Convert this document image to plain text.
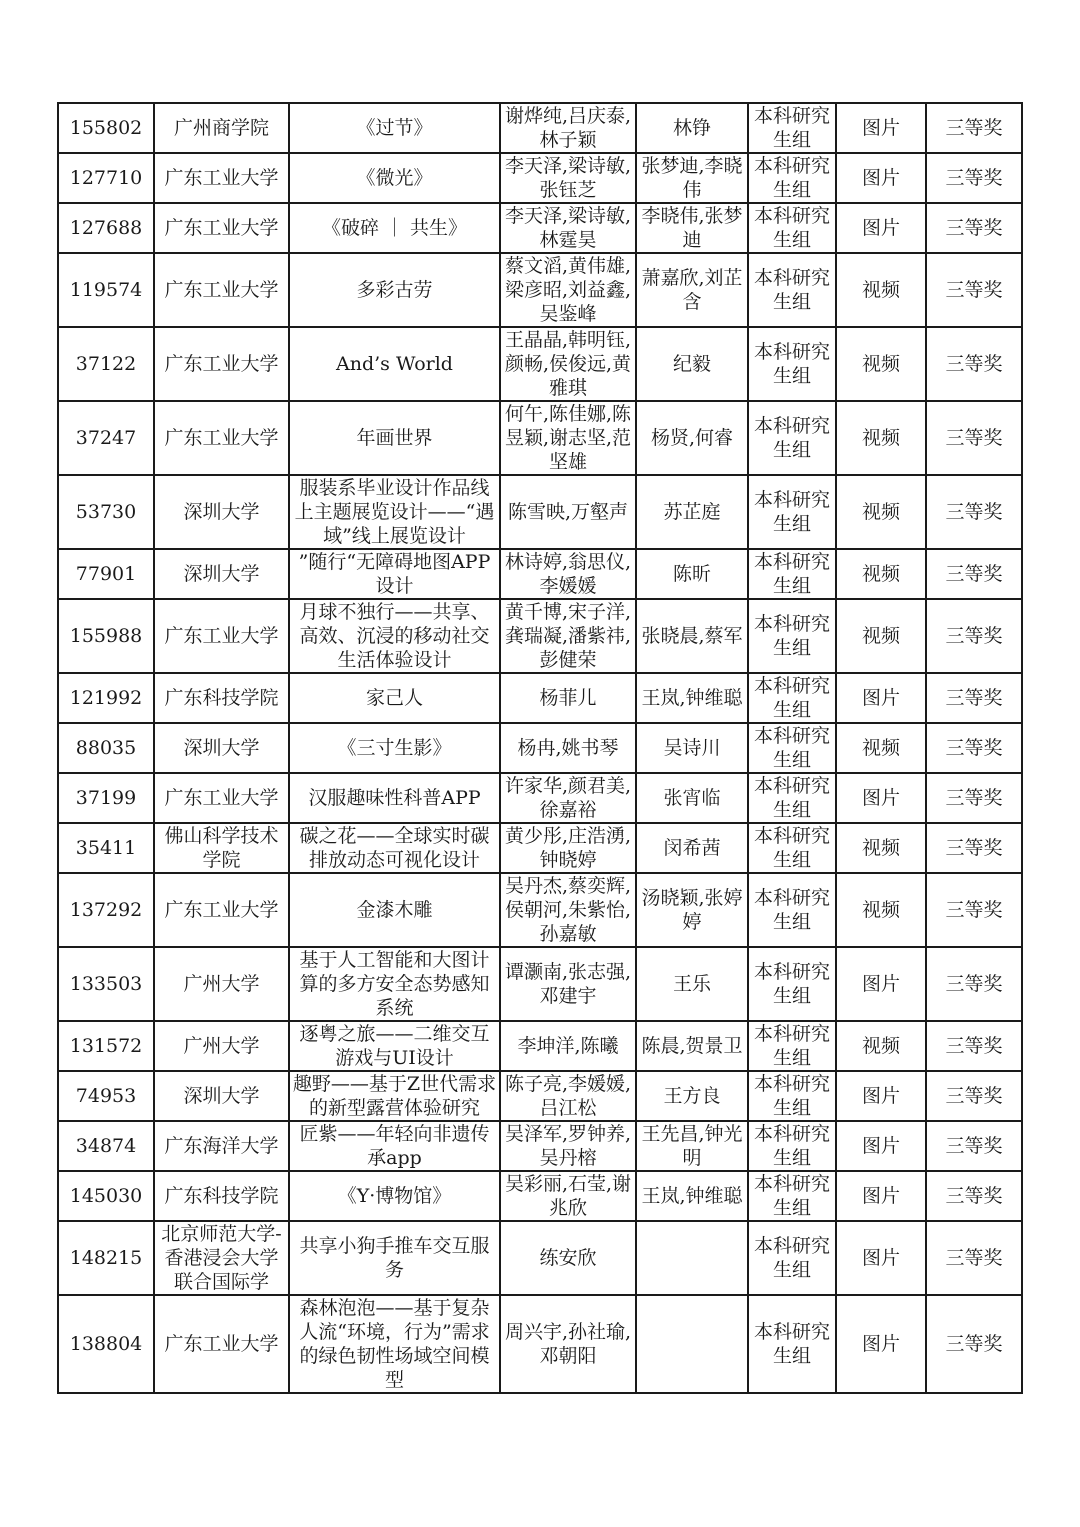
155802	广州商学院	《过节》	谢烨纯,吕庆泰,林子颖	林铮	本科研究生组	图片	三等奖
127710	广东工业大学	《微光》	李天泽,梁诗敏,张钰芝	张梦迪,李晓伟	本科研究生组	图片	三等奖
127688	广东工业大学	《破碎 ｜ 共生》	李天泽,梁诗敏,林霆昊	李晓伟,张梦迪	本科研究生组	图片	三等奖
119574	广东工业大学	多彩古劳	蔡文滔,黄伟雄,梁彦昭,刘益鑫,吴鉴峰	萧嘉欣,刘芷含	本科研究生组	视频	三等奖
37122	广东工业大学	And’s World	王晶晶,韩明钰,颜畅,侯俊远,黄雅琪	纪毅	本科研究生组	视频	三等奖
37247	广东工业大学	年画世界	何午,陈佳娜,陈昱颖,谢志坚,范坚雄	杨贤,何睿	本科研究生组	视频	三等奖
53730	深圳大学	服装系毕业设计作品线上主题展览设计——“遇域”线上展览设计	陈雪映,万壑声	苏芷庭	本科研究生组	视频	三等奖
77901	深圳大学	”随行“无障碍地图APP设计	林诗婷,翁思仪,李媛媛	陈昕	本科研究生组	视频	三等奖
155988	广东工业大学	月球不独行——共享、高效、沉浸的移动社交生活体验设计	黄千博,宋子洋,龚瑞凝,潘紫祎,彭健荣	张晓晨,蔡军	本科研究生组	视频	三等奖
121992	广东科技学院	家己人	杨菲儿	王岚,钟维聪	本科研究生组	图片	三等奖
88035	深圳大学	《三寸生影》	杨冉,姚书琴	吴诗川	本科研究生组	视频	三等奖
37199	广东工业大学	汉服趣味性科普APP	许家华,颜君美,徐嘉裕	张宵临	本科研究生组	图片	三等奖
35411	佛山科学技术学院	碳之花——全球实时碳排放动态可视化设计	黄少彤,庄浩湧,钟晓婷	闵希茜	本科研究生组	视频	三等奖
137292	广东工业大学	金漆木雕	吴丹杰,蔡奕辉,侯朝河,朱紫怡,孙嘉敏	汤晓颖,张婷婷	本科研究生组	视频	三等奖
133503	广州大学	基于人工智能和大图计算的多方安全态势感知系统	谭灏南,张志强,邓建宇	王乐	本科研究生组	图片	三等奖
131572	广州大学	逐粤之旅——二维交互游戏与UI设计	李坤洋,陈曦	陈晨,贺景卫	本科研究生组	视频	三等奖
74953	深圳大学	趣野——基于Z世代需求的新型露营体验研究	陈子亮,李媛媛,吕江松	王方良	本科研究生组	图片	三等奖
34874	广东海洋大学	匠紫——年轻向非遗传承app	吴泽军,罗钟养,吴丹榕	王先昌,钟光明	本科研究生组	图片	三等奖
145030	广东科技学院	《Y·博物馆》	吴彩丽,石莹,谢兆欣	王岚,钟维聪	本科研究生组	图片	三等奖
148215	北京师范大学-香港浸会大学联合国际学	共享小狗手推车交互服务	练安欣		本科研究生组	图片	三等奖
138804	广东工业大学	森林泡泡——基于复杂人流“环境，行为”需求的绿色韧性场域空间模型	周兴宇,孙社瑜,邓朝阳		本科研究生组	图片	三等奖
